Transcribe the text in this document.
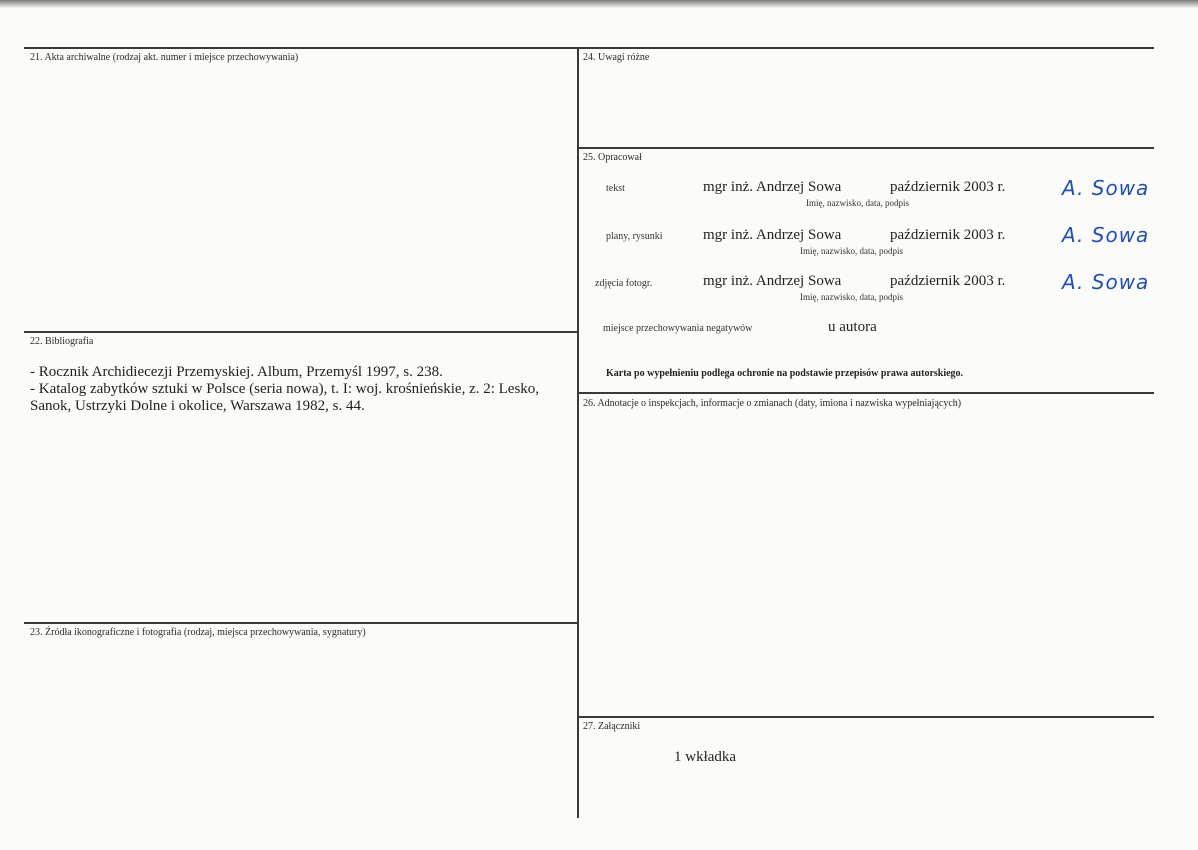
21. Akta archiwalne (rodzaj akt. numer i miejsce przechowywania)
22. Bibliografia
- Rocznik Archidiecezji Przemyskiej. Album, Przemyśl 1997, s. 238.
- Katalog zabytków sztuki w Polsce (seria nowa), t. I: woj. krośnieńskie, z. 2: Lesko, Sanok, Ustrzyki Dolne i okolice, Warszawa 1982, s. 44.
23. Źródła ikonograficzne i fotografia (rodzaj, miejsca przechowywania, sygnatury)
24. Uwagi różne
25. Opracował
tekst	mgr inż. Andrzej Sowa	październik 2003 r.
Imię, nazwisko, data, podpis
A. Sowa
plany, rysunki	mgr inż. Andrzej Sowa	październik 2003 r.
Imię, nazwisko, data, podpis
A. Sowa
zdjęcia fotogr.	mgr inż. Andrzej Sowa	październik 2003 r.
Imię, nazwisko, data, podpis
A. Sowa
miejsce przechowywania negatywów	u autora
Karta po wypełnieniu podlega ochronie na podstawie przepisów prawa autorskiego.
26. Adnotacje o inspekcjach, informacje o zmianach (daty, imiona i nazwiska wypełniających)
27. Załączniki
1 wkładka
